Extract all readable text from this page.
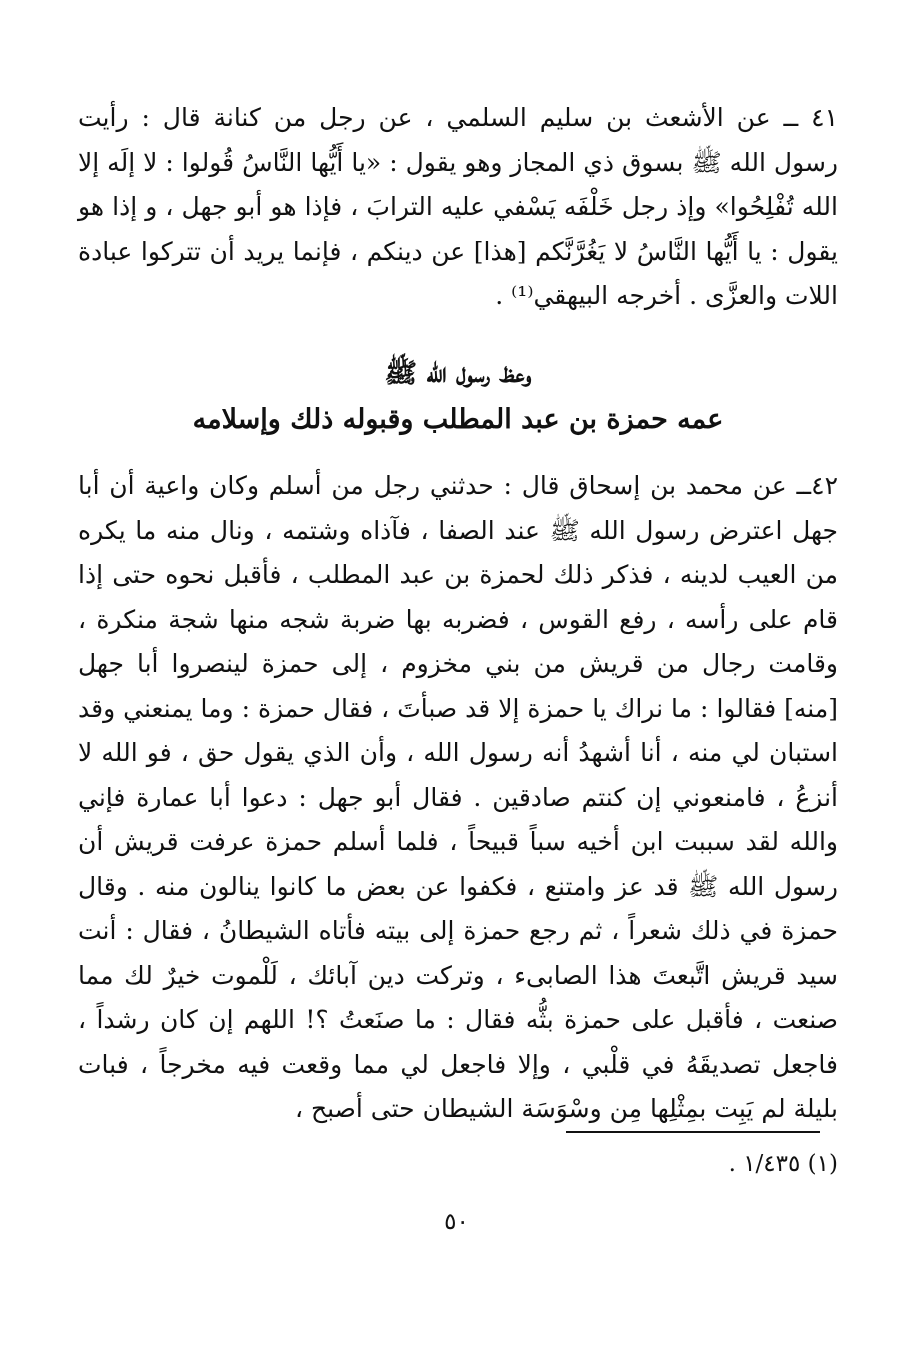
٤١ ــ عن الأشعث بن سليم السلمي ، عن رجل من كنانة قال : رأيت رسول الله ﷺ بسوق ذي المجاز وهو يقول : «يا أَيُّها النَّاسُ قُولوا : لا إلَه إلا الله تُفْلِحُوا» وإذ رجل خَلْفَه يَسْفي عليه الترابَ ، فإذا هو أبو جهل ، و إذا هو يقول : يا أَيُّها النَّاسُ لا يَغُرَّنَّكم [هذا] عن دينكم ، فإنما يريد أن تتركوا عبادة اللات والعزَّى . أخرجه البيهقي⁽¹⁾ .

وعظ رسول الله ﷺ
عمه حمزة بن عبد المطلب وقبوله ذلك وإسلامه

٤٢ــ عن محمد بن إسحاق قال : حدثني رجل من أسلم وكان واعية أن أبا جهل اعترض رسول الله ﷺ عند الصفا ، فآذاه وشتمه ، ونال منه ما يكره من العيب لدينه ، فذكر ذلك لحمزة بن عبد المطلب ، فأقبل نحوه حتى إذا قام على رأسه ، رفع القوس ، فضربه بها ضربة شجه منها شجة منكرة ، وقامت رجال من قريش من بني مخزوم ، إلى حمزة لينصروا أبا جهل [منه] فقالوا : ما نراك يا حمزة إلا قد صبأتَ ، فقال حمزة : وما يمنعني وقد استبان لي منه ، أنا أشهدُ أنه رسول الله ، وأن الذي يقول حق ، فو الله لا أنزعُ ، فامنعوني إن كنتم صادقين . فقال أبو جهل : دعوا أبا عمارة فإني والله لقد سببت ابن أخيه سباً قبيحاً ، فلما أسلم حمزة عرفت قريش أن رسول الله ﷺ قد عز وامتنع ، فكفوا عن بعض ما كانوا ينالون منه . وقال حمزة في ذلك شعراً ، ثم رجع حمزة إلى بيته فأتاه الشيطانُ ، فقال : أنت سيد قريش اتَّبعتَ هذا الصابىء ، وتركت دين آبائك ، لَلْموت خيرٌ لك مما صنعت ، فأقبل على حمزة بثُّه فقال : ما صنَعتُ ؟! اللهم إن كان رشداً ، فاجعل تصديقَهُ في قلْبي ، وإلا فاجعل لي مما وقعت فيه مخرجاً ، فبات بليلة لم يَبِت بمِثْلِها مِن وسْوَسَة الشيطان حتى أصبح ،

(١) ١/٤٣٥ .
٥٠
